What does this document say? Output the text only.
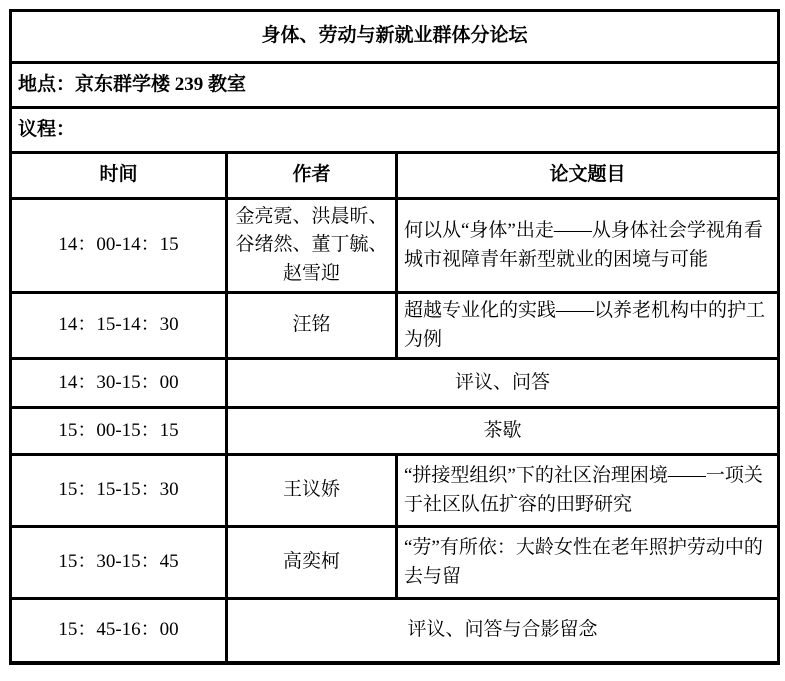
身体、劳动与新就业群体分论坛		
地点：京东群学楼 239 教室		
议程：		
时间	作者	论文题目
14：00-14：15	金亮霓、洪晨昕、谷绪然、董丁毓、赵雪迎	何以从“身体”出走——从身体社会学视角看城市视障青年新型就业的困境与可能
14：15-14：30	汪铭	超越专业化的实践——以养老机构中的护工为例
14：30-15：00	评议、问答	
15：00-15：15	茶歇	
15：15-15：30	王议娇	“拼接型组织”下的社区治理困境——一项关于社区队伍扩容的田野研究
15：30-15：45	高奕柯	“劳”有所依：大龄女性在老年照护劳动中的去与留
15：45-16：00	评议、问答与合影留念	
